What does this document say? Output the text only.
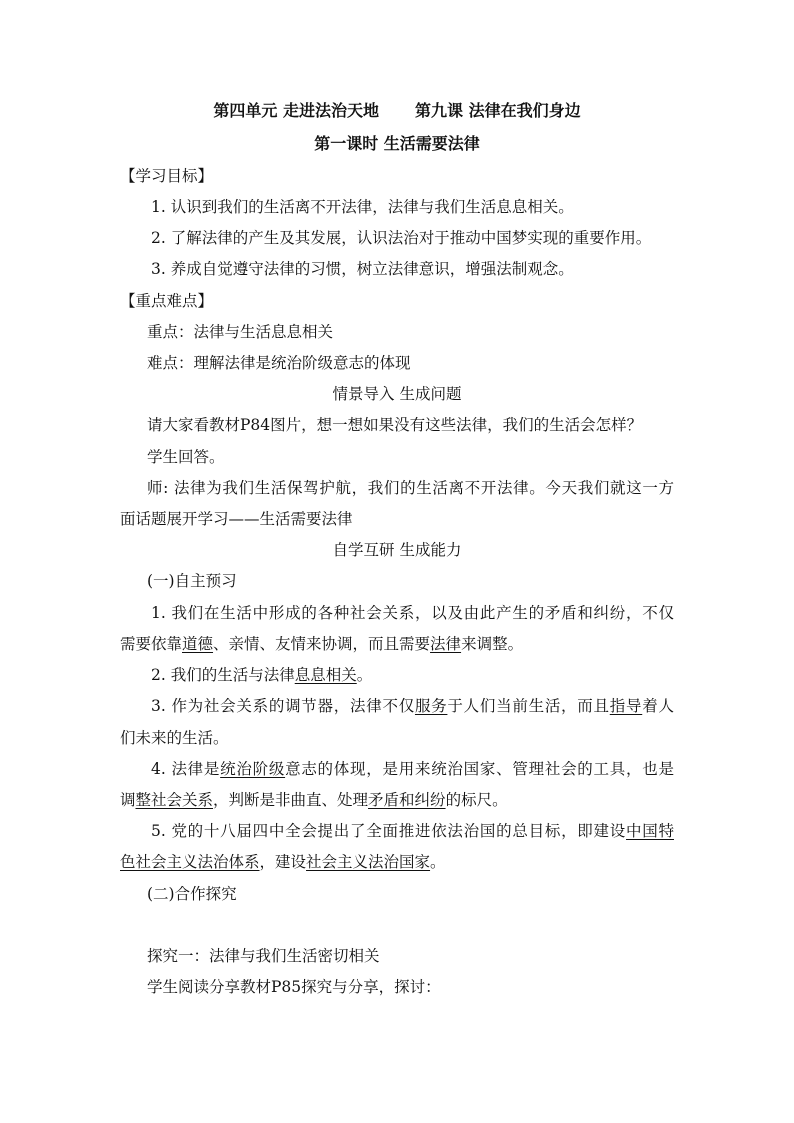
第四单元 走进法治天地 第九课 法律在我们身边
第一课时 生活需要法律
【学习目标】
1. 认识到我们的生活离不开法律，法律与我们生活息息相关。
2. 了解法律的产生及其发展，认识法治对于推动中国梦实现的重要作用。
3. 养成自觉遵守法律的习惯，树立法律意识，增强法制观念。
【重点难点】
重点：法律与生活息息相关
难点：理解法律是统治阶级意志的体现
情景导入 生成问题
请大家看教材P84图片，想一想如果没有这些法律，我们的生活会怎样？
学生回答。
师: 法律为我们生活保驾护航，我们的生活离不开法律。今天我们就这一方
面话题展开学习——生活需要法律
自学互研 生成能力
(一)自主预习
1. 我们在生活中形成的各种社会关系，以及由此产生的矛盾和纠纷，不仅
需要依靠道德、亲情、友情来协调，而且需要法律来调整。
2. 我们的生活与法律息息相关。
3. 作为社会关系的调节器，法律不仅服务于人们当前生活，而且指导着人
们未来的生活。
4. 法律是统治阶级意志的体现，是用来统治国家、管理社会的工具，也是
调整社会关系，判断是非曲直、处理矛盾和纠纷的标尺。
5. 党的十八届四中全会提出了全面推进依法治国的总目标，即建设中国特
色社会主义法治体系，建设社会主义法治国家。
(二)合作探究
探究一：法律与我们生活密切相关
学生阅读分享教材P85探究与分享，探讨：
